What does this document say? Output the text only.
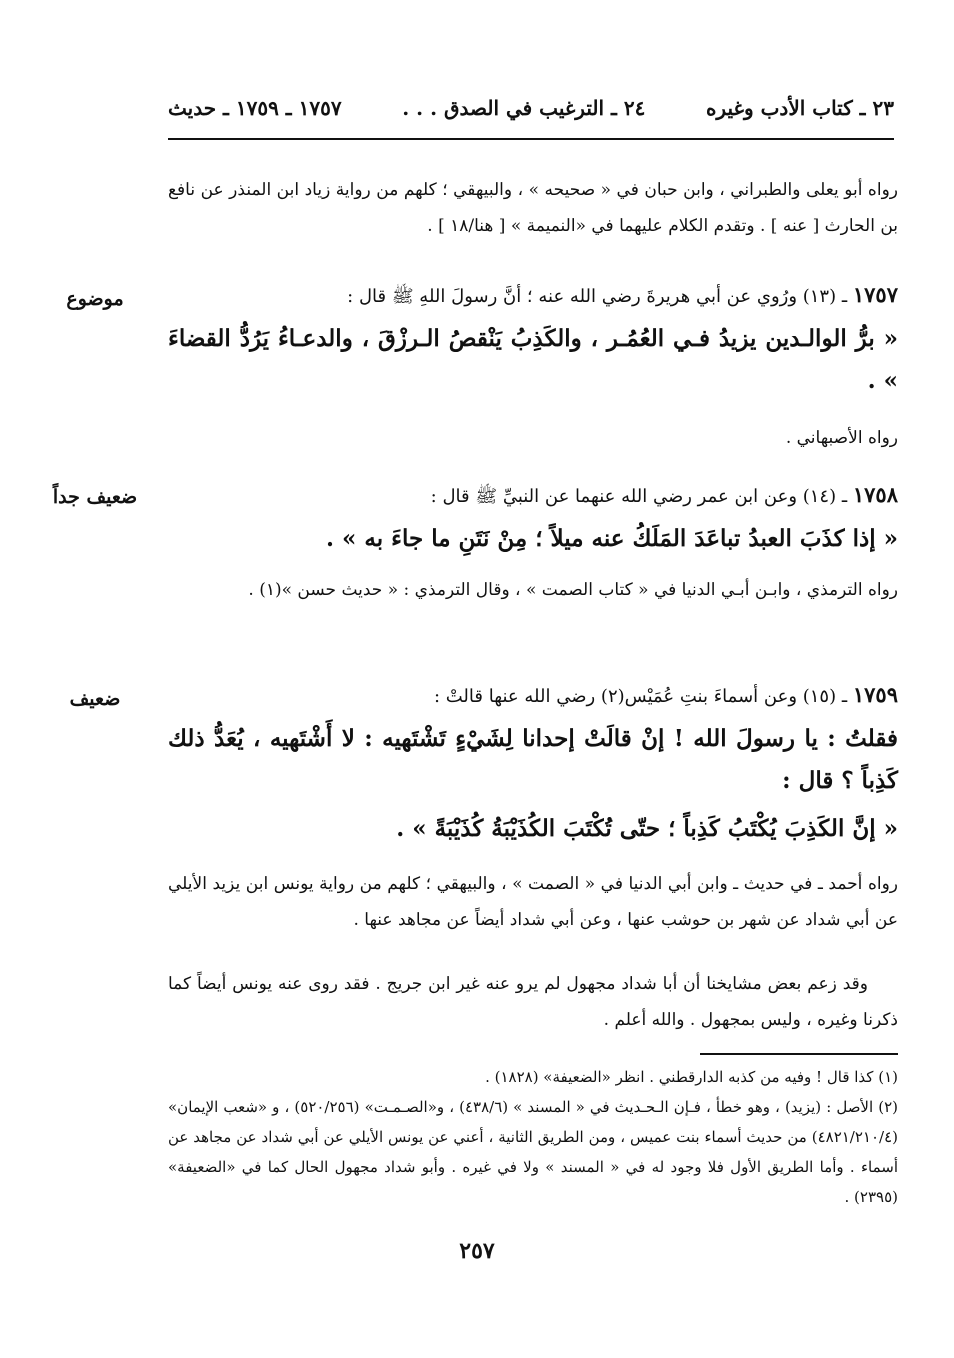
٢٣ ـ كتاب الأدب وغيره
٢٤ ـ الترغيب في الصدق . . .
١٧٥٧ ـ ١٧٥٩ ـ حديث
رواه أبو يعلى والطبراني ، وابن حبان في « صحيحه » ، والبيهقي ؛ كلهم من رواية زياد ابن المنذر عن نافع بن الحارث [ عنه ] . وتقدم الكلام عليهما في «النميمة » [ هنا/١٨ ] .
موضوع	١٧٥٧ ـ (١٣) ورُوي عن أبي هريرةَ رضي الله عنه ؛ أنَّ رسولَ اللهِ ﷺ قال :
« برُّ الوالـدين يزيدُ فـي العُمُـر ، والكَذِبُ يَنْقصُ الـرزْقَ ، والدعـاءُ يَرُدُّ القضاءَ » .
رواه الأصبهاني .
ضعيف جداً	١٧٥٨ ـ (١٤) وعن ابن عمر رضي الله عنهما عن النبيِّ ﷺ قال :
« إذا كذَبَ العبدُ تباعَدَ المَلَكُ عنه ميلاً ؛ مِنْ نَتَنِ ما جاءَ به » .
رواه الترمذي ، وابـن أبـي الدنيا في « كتاب الصمت » ، وقال الترمذي : « حديث حسن »(١) .
ضعيف	١٧٥٩ ـ (١٥) وعن أسماءَ بنتِ عُمَيْس(٢) رضي الله عنها قالتْ :
فقلتُ : يا رسولَ الله ! إنْ قالَتْ إحدانا لِشَيْءٍ تَشْتَهيه : لا أَشْتَهيه ، يُعَدُّ ذلك كَذِباً ؟ قال :
« إنَّ الكَذِبَ يُكْتَبُ كَذِباً ؛ حتّى تُكْتَبَ الكُذَيْبَةُ كُذَيْبَةً » .
رواه أحمد ـ في حديث ـ وابن أبي الدنيا في « الصمت » ، والبيهقي ؛ كلهم من رواية يونس ابن يزيد الأيلي عن أبي شداد عن شهر بن حوشب عنها ، وعن أبي شداد أيضاً عن مجاهد عنها .
وقد زعم بعض مشايخنا أن أبا شداد مجهول لم يرو عنه غير ابن جريج . فقد روى عنه يونس أيضاً كما ذكرنا وغيره ، وليس بمجهول . والله أعلم .
(١) كذا قال ! وفيه من كذبه الدارقطني . انظر «الضعيفة» (١٨٢٨) .
(٢) الأصل : (يزيد) ، وهو خطأ ، فـإن الـحـديث في « المسند » (٤٣٨/٦) ، و«الصـمـت» (٥٢٠/٢٥٦) ، و «شعب الإيمان» (٤٨٢١/٢١٠/٤) من حديث أسماء بنت عميس ، ومن الطريق الثانية ، أعني عن يونس الأيلي عن أبي شداد عن مجاهد عن أسماء . وأما الطريق الأول فلا وجود له في « المسند » ولا في غيره . وأبو شداد مجهول الحال كما في «الضعيفة» (٢٣٩٥) .
٢٥٧
